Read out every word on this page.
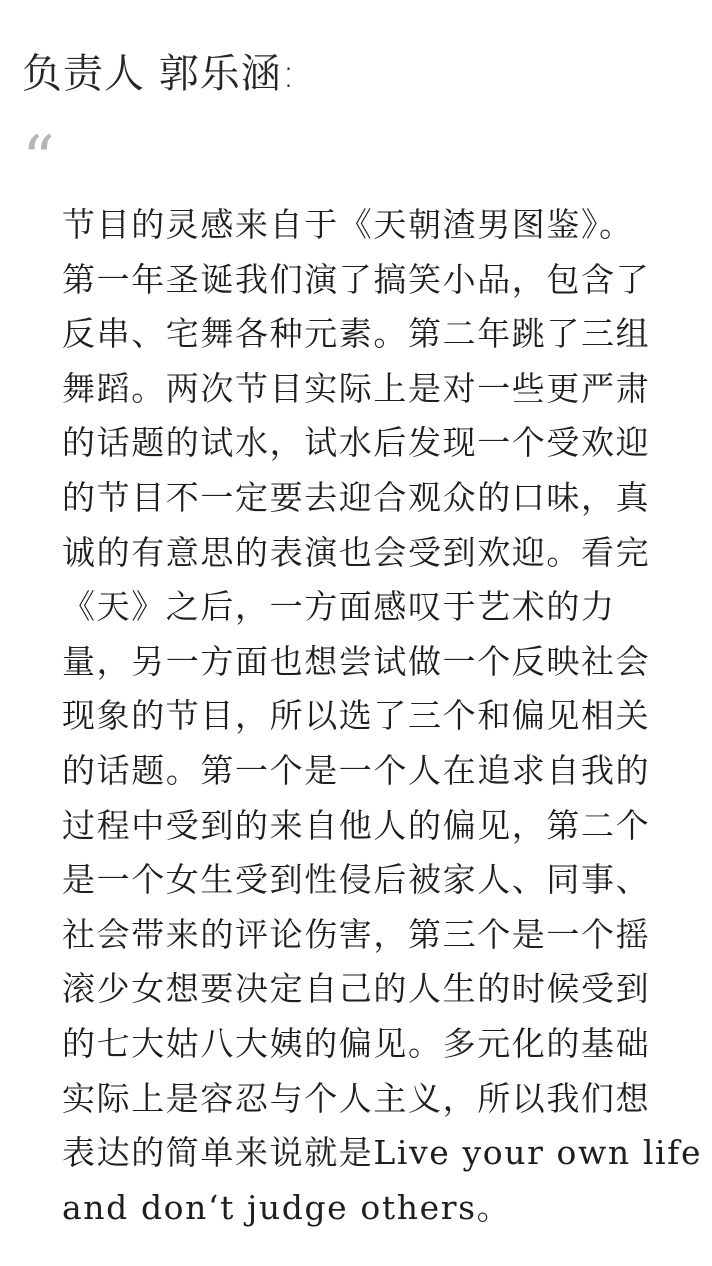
负责人 郭乐涵:
“
节目的灵感来自于《天朝渣男图鉴》。
第一年圣诞我们演了搞笑小品，包含了
反串、宅舞各种元素。第二年跳了三组
舞蹈。两次节目实际上是对一些更严肃
的话题的试水，试水后发现一个受欢迎
的节目不一定要去迎合观众的口味，真
诚的有意思的表演也会受到欢迎。看完
《天》之后，一方面感叹于艺术的力
量，另一方面也想尝试做一个反映社会
现象的节目，所以选了三个和偏见相关
的话题。第一个是一个人在追求自我的
过程中受到的来自他人的偏见，第二个
是一个女生受到性侵后被家人、同事、
社会带来的评论伤害，第三个是一个摇
滚少女想要决定自己的人生的时候受到
的七大姑八大姨的偏见。多元化的基础
实际上是容忍与个人主义，所以我们想
表达的简单来说就是Live your own life
and don‘t judge others。
